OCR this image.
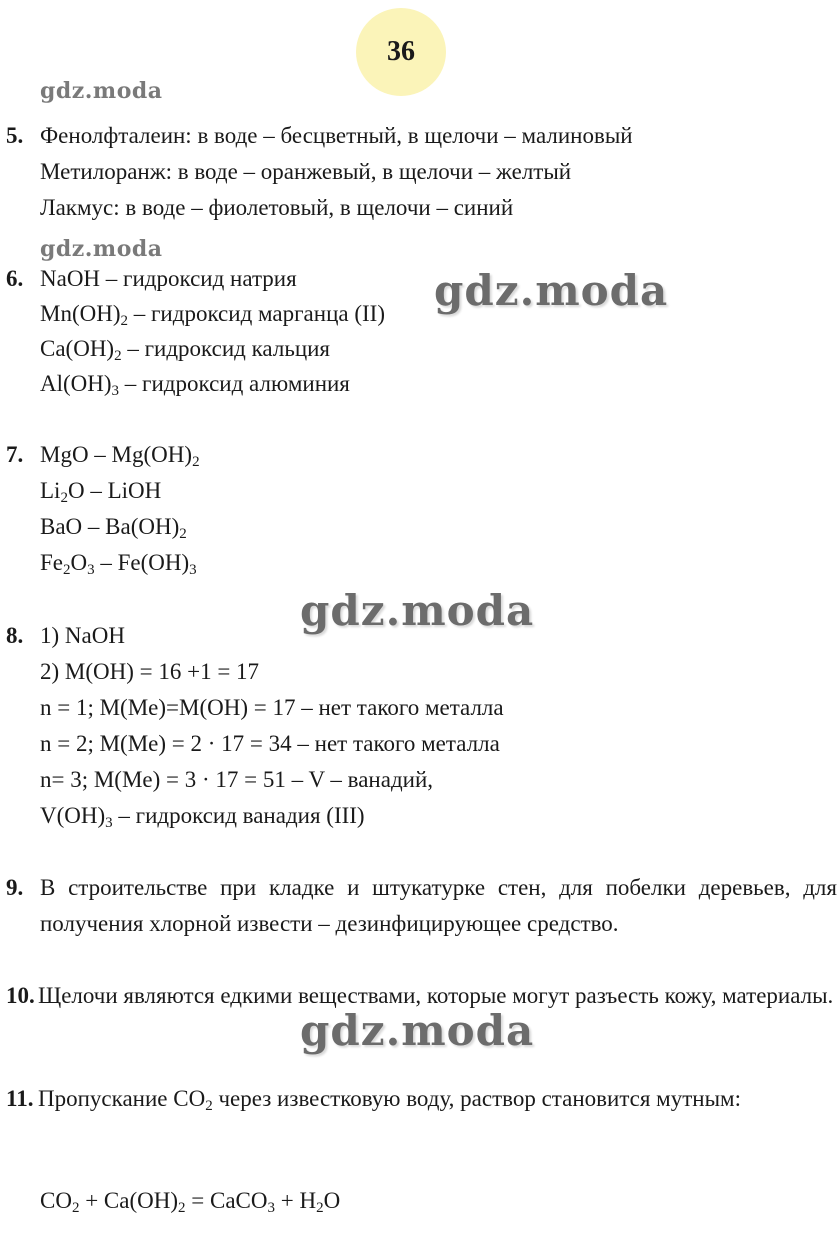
36
gdz.moda
gdz.moda
gdz.moda
gdz.moda
gdz.moda
5. Фенолфталеин: в воде – бесцветный, в щелочи – малиновый
Метилоранж: в воде – оранжевый, в щелочи – желтый
Лакмус: в воде – фиолетовый, в щелочи – синий
6. NaOH – гидроксид натрия
$Mn(OH)_2$ – гидроксид марганца (II)
$Ca(OH)_2$ – гидроксид кальция
$Al(OH)_3$ – гидроксид алюминия
7. MgO – $Mg(OH)_2$
$Li_2O$ – LiOH
BaO – $Ba(OH)_2$
$Fe_2O_3 - Fe(OH)_3$
8. 1) NaOH
2) M(OH) = 16 +1 = 17
n = 1; M(Me)=M(OH) = 17 – нет такого металла
n = 2; M(Me) = 2 · 17 = 34 – нет такого металла
n= 3; M(Me) = 3 · 17 = 51 – V – ванадий,
$V(OH)_3$ – гидроксид ванадия (III)
9. В строительстве при кладке и штукатурке стен, для побелки деревьев, для получения хлорной извести – дезинфицирующее средство.
10. Щелочи являются едкими веществами, которые могут разъесть кожу, материалы.
11. Пропускание $CO_2$ через известковую воду, раствор становится мутным:
$CO_2 + Ca(OH)_2$ = CaCO$_3$ + $H_2O$
